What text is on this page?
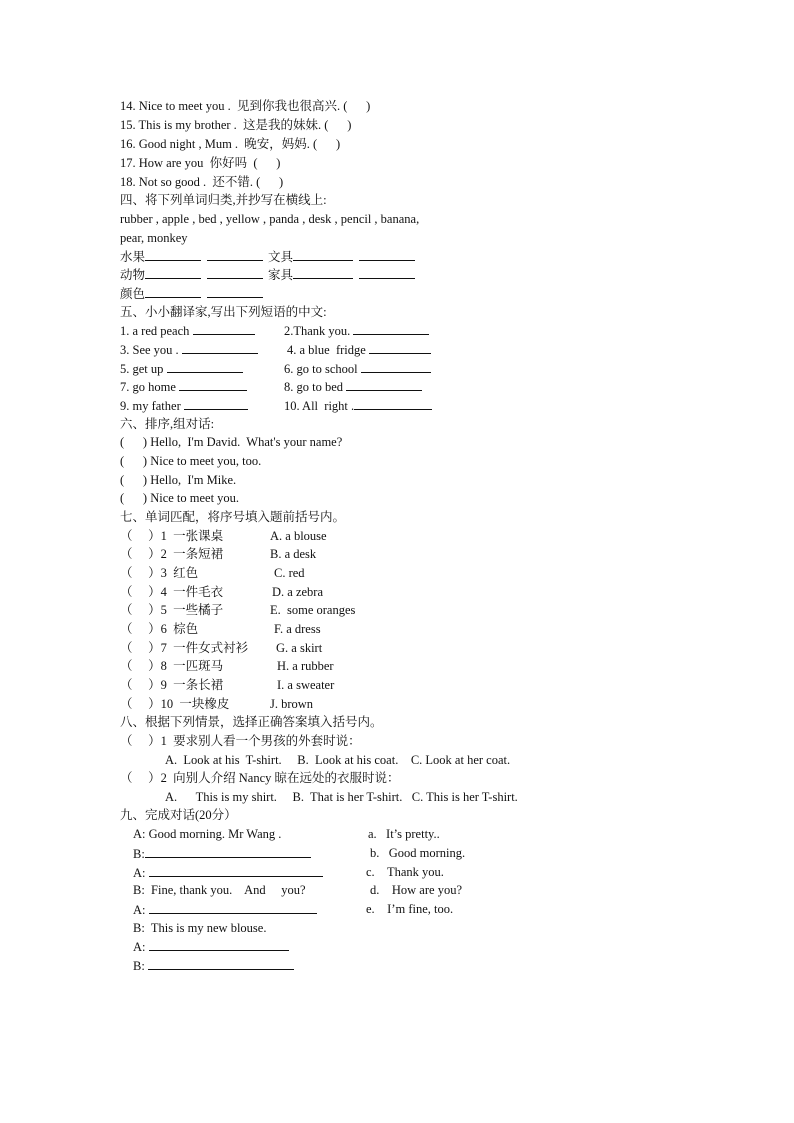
14. Nice to meet you .  见到你我也很高兴. (      )
15. This is my brother .  这是我的妹妹. (      )
16. Good night , Mum .  晚安，妈妈. (      )
17. How are you  你好吗  (      )
18. Not so good .  还不错. (      )
四、将下列单词归类,并抄写在横线上:
rubber , apple , bed , yellow , panda , desk , pencil , banana,
pear, monkey
水果	文具
动物	家具
颜色
五、小小翻译家,写出下列短语的中文:
1. a red peach	2.Thank you.
3. See you .	4. a blue  fridge
5. get up	6. go to school
7. go home	8. go to bed
9. my father	10. All  right .
六、排序,组对话:
(      ) Hello,  I'm David.  What's your name?
(      ) Nice to meet you, too.
(      ) Hello,  I'm Mike.
(      ) Nice to meet you.
七、单词匹配，将序号填入题前括号内。
（     ）1  一张课桌	A. a blouse
（     ）2  一条短裙	B. a desk
（     ）3  红色	C. red
（     ）4  一件毛衣	D. a zebra
（     ）5  一些橘子	E.  some oranges
（     ）6  棕色	F. a dress
（     ）7  一件女式衬衫 G. a skirt
（     ）8  一匹斑马	H. a rubber
（     ）9  一条长裙	I. a sweater
（     ）10  一块橡皮	J. brown
八、根据下列情景，选择正确答案填入括号内。
（     ）1  要求别人看一个男孩的外套时说：
A.  Look at his  T-shirt.     B.  Look at his coat.    C. Look at her coat.
（     ）2  向别人介绍 Nancy 晾在远处的衣服时说：
A.      This is my shirt.     B.  That is her T-shirt.   C. This is her T-shirt.
九、完成对话(20分）
A: Good morning. Mr Wang .
B:
A:
B:  Fine, thank you.    And     you?
A:
B:  This is my new blouse.
A:
B:
a.   It’s pretty..
b.   Good morning.
c.    Thank you.
d.    How are you?
e.    I’m fine, too.
